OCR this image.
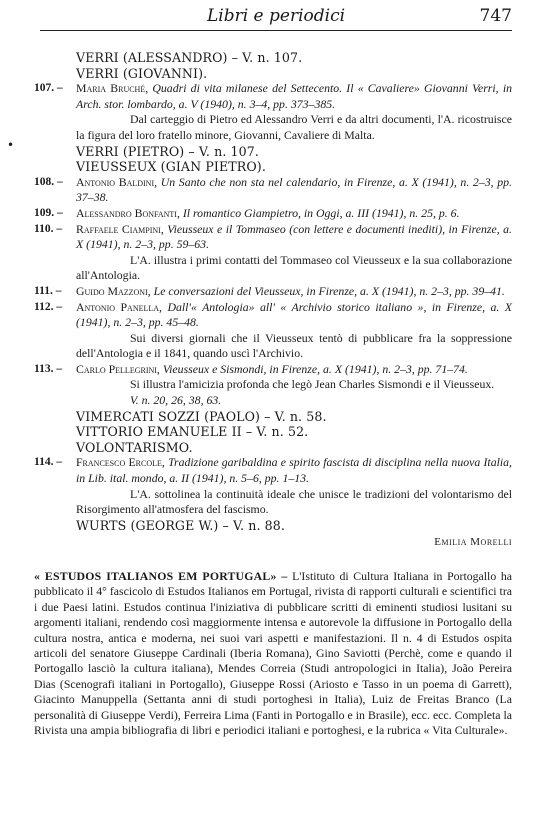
Libri e periodici	747
•
VERRI (ALESSANDRO) – V. n. 107.
VERRI (GIOVANNI).
107. – Maria Bruché, Quadri di vita milanese del Settecento. Il « Cavaliere» Giovanni Verri, in Arch. stor. lombardo, a. V (1940), n. 3–4, pp. 373–385.
Dal carteggio di Pietro ed Alessandro Verri e da altri documenti, l'A. ricostruisce la figura del loro fratello minore, Giovanni, Cavaliere di Malta.
VERRI (PIETRO) – V. n. 107.
VIEUSSEUX (GIAN PIETRO).
108. – Antonio Baldini, Un Santo che non sta nel calendario, in Firenze, a. X (1941), n. 2–3, pp. 37–38.
109. – Alessandro Bonfanti, Il romantico Giampietro, in Oggi, a. III (1941), n. 25, p. 6.
110. – Raffaele Ciampini, Vieusseux e il Tommaseo (con lettere e documenti inediti), in Firenze, a. X (1941), n. 2–3, pp. 59–63.
L'A. illustra i primi contatti del Tommaseo col Vieusseux e la sua collaborazione all'Antologia.
111. – Guido Mazzoni, Le conversazioni del Vieusseux, in Firenze, a. X (1941), n. 2–3, pp. 39–41.
112. – Antonio Panella, Dall'« Antologia» all' « Archivio storico italiano », in Firenze, a. X (1941), n. 2–3, pp. 45–48.
Sui diversi giornali che il Vieusseux tentò di pubblicare fra la soppressione dell'Antologia e il 1841, quando uscì l'Archivio.
113. – Carlo Pellegrini, Vieusseux e Sismondi, in Firenze, a. X (1941), n. 2–3, pp. 71–74.
Si illustra l'amicizia profonda che legò Jean Charles Sismondi e il Vieusseux.
V. n. 20, 26, 38, 63.
VIMERCATI SOZZI (PAOLO) – V. n. 58.
VITTORIO EMANUELE II – V. n. 52.
VOLONTARISMO.
114. – Francesco Ercole, Tradizione garibaldina e spirito fascista di disciplina nella nuova Italia, in Lib. ital. mondo, a. II (1941), n. 5–6, pp. 1–13.
L'A. sottolinea la continuità ideale che unisce le tradizioni del volontarismo del Risorgimento all'atmosfera del fascismo.
WURTS (GEORGE W.) – V. n. 88.
Emilia Morelli
« ESTUDOS ITALIANOS EM PORTUGAL» – L'Istituto di Cultura Italiana in Portogallo ha pubblicato il 4° fascicolo di Estudos Italianos em Portugal, rivista di rapporti culturali e scientifici tra i due Paesi latini. Estudos continua l'iniziativa di pubblicare scritti di eminenti studiosi lusitani su argomenti italiani, rendendo così maggiormente intensa e autorevole la diffusione in Portogallo della cultura nostra, antica e moderna, nei suoi vari aspetti e manifestazioni. Il n. 4 di Estudos ospita articoli del senatore Giuseppe Cardinali (Iberia Romana), Gino Saviotti (Perchè, come e quando il Portogallo lasciò la cultura italiana), Mendes Correia (Studi antropologici in Italia), João Pereira Dias (Scenografi italiani in Portogallo), Giuseppe Rossi (Ariosto e Tasso in un poema di Garrett), Giacinto Manuppella (Settanta anni di studi portoghesi in Italia), Luiz de Freitas Branco (La personalità di Giuseppe Verdi), Ferreira Lima (Fanti in Portogallo e in Brasile), ecc. ecc. Completa la Rivista una ampia bibliografia di libri e periodici italiani e portoghesi, e la rubrica « Vita Culturale».
